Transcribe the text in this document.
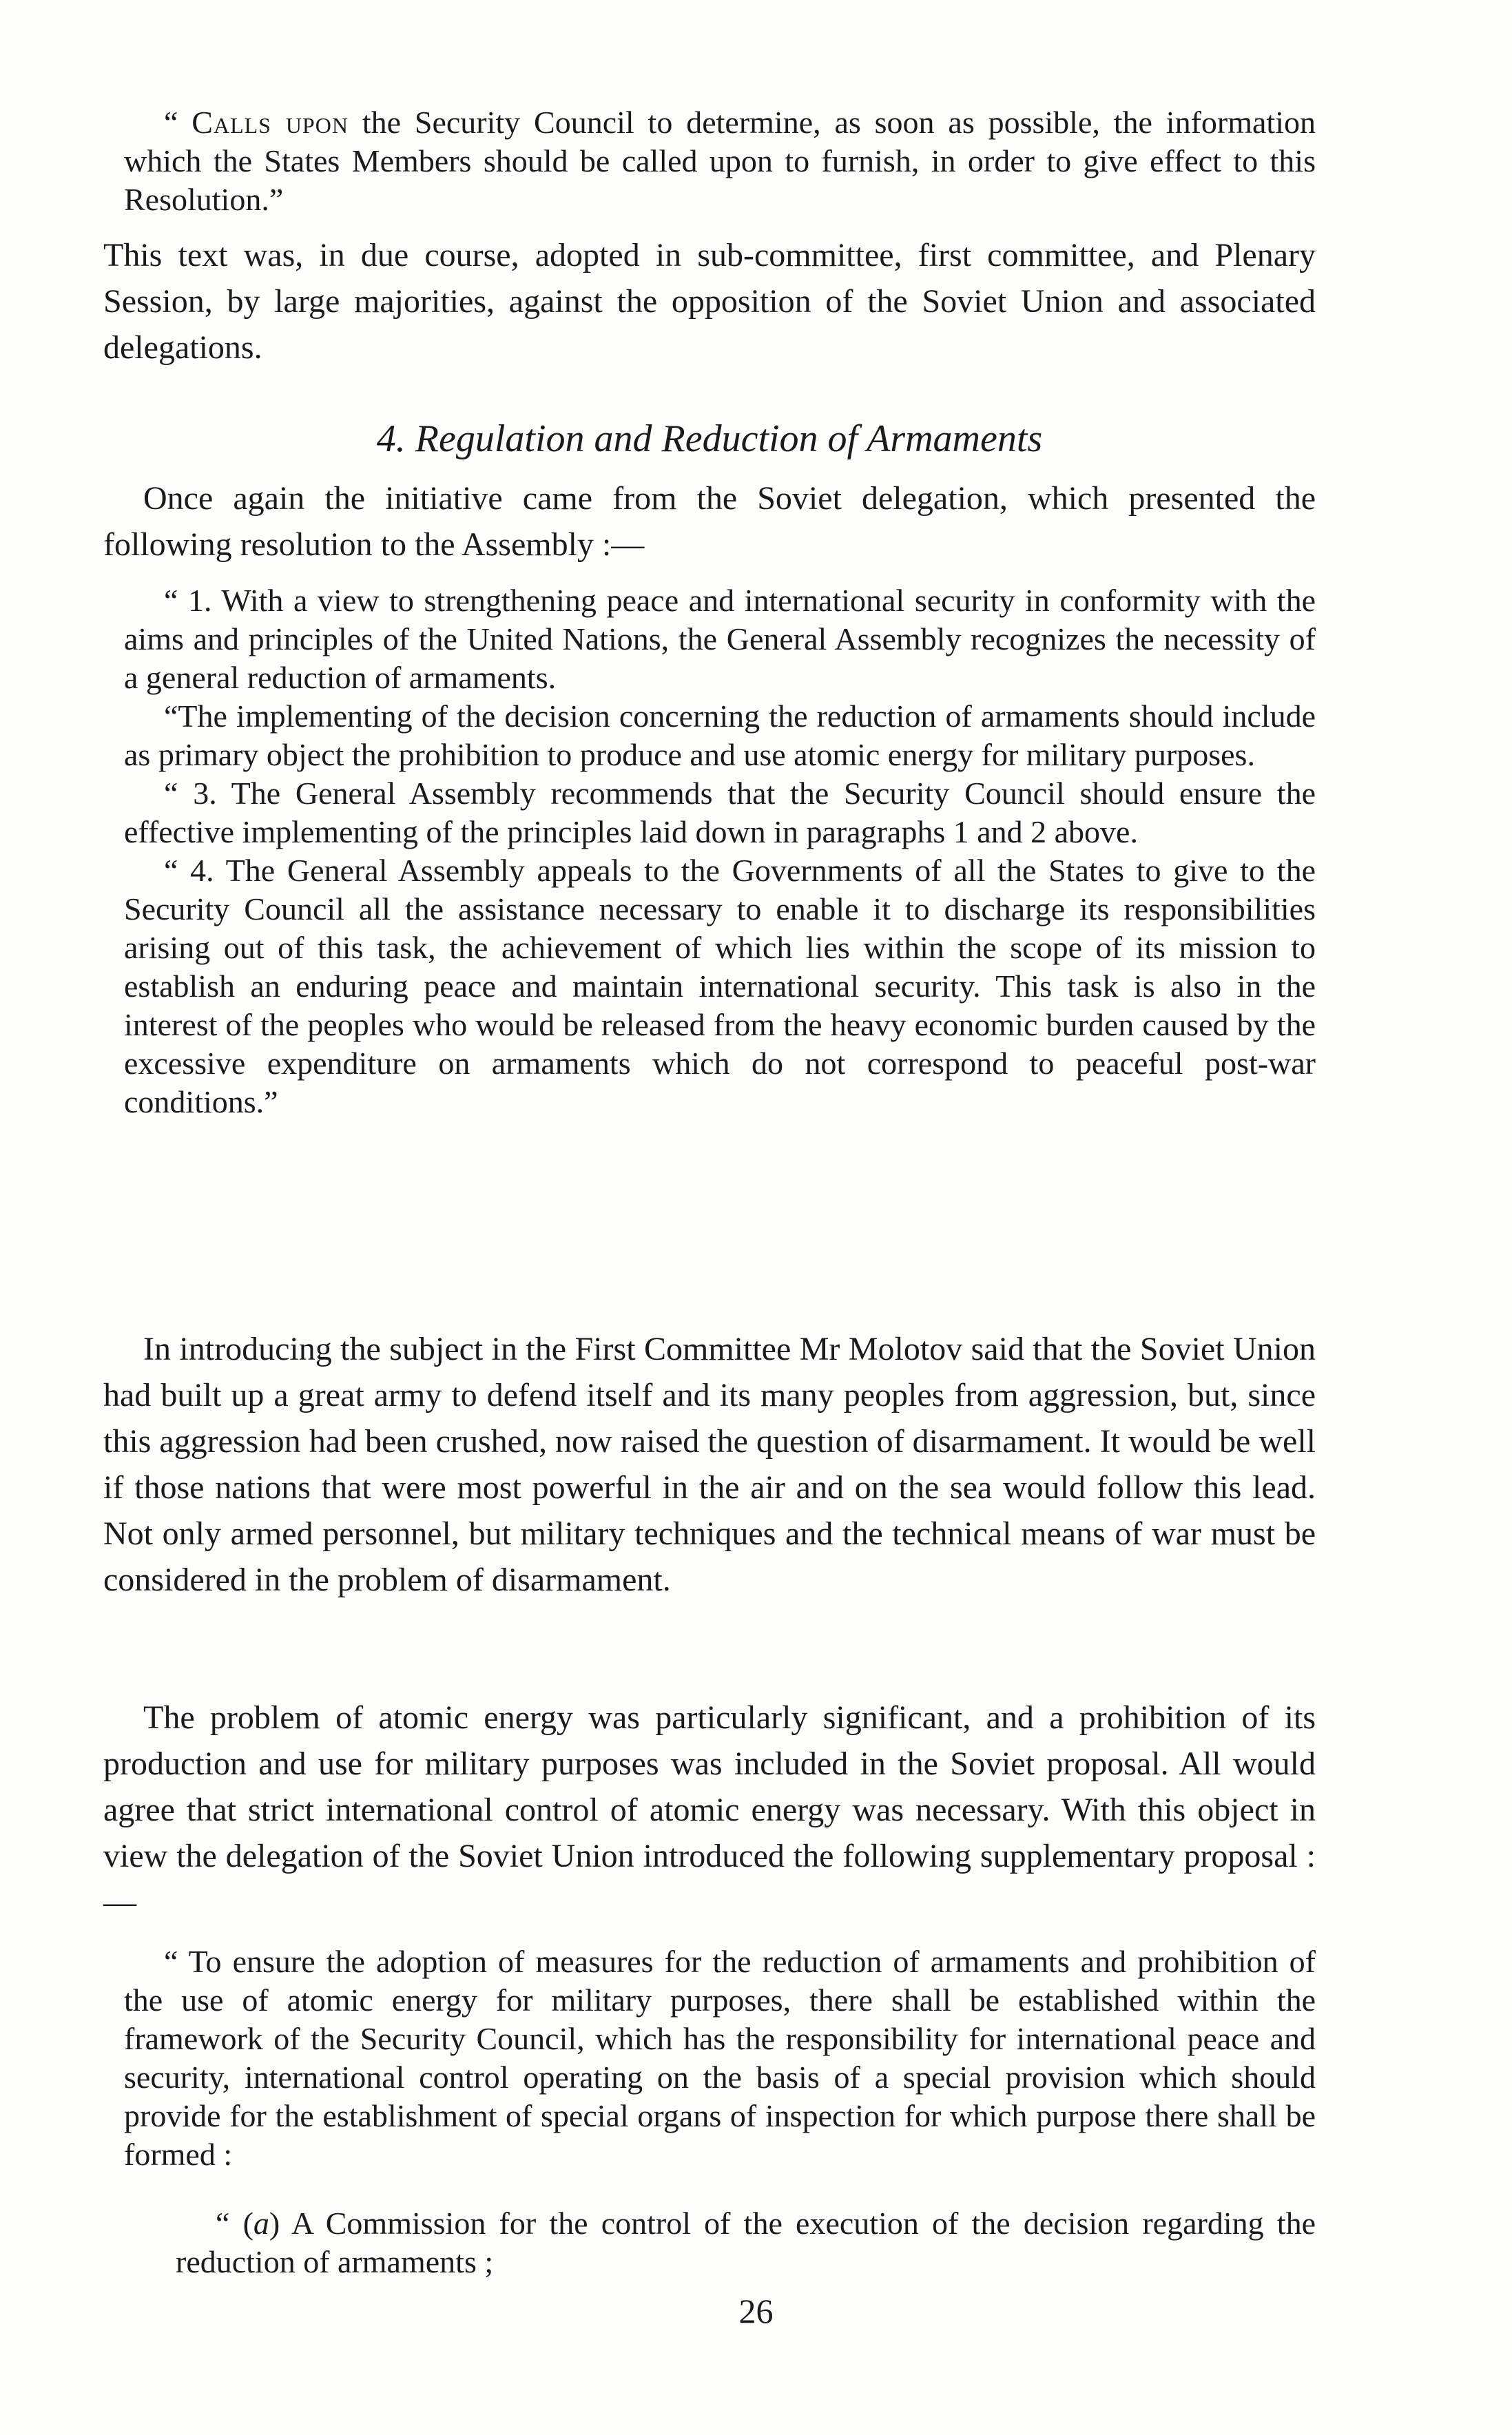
“ Calls upon the Security Council to determine, as soon as possible, the information which the States Members should be called upon to furnish, in order to give effect to this Resolution.”

This text was, in due course, adopted in sub-committee, first committee, and Plenary Session, by large majorities, against the opposition of the Soviet Union and associated delegations.

4. Regulation and Reduction of Armaments

Once again the initiative came from the Soviet delegation, which presented the following resolution to the Assembly :—

“ 1. With a view to strengthening peace and international security in conformity with the aims and principles of the United Nations, the General Assembly recognizes the necessity of a general reduction of armaments.

“The implementing of the decision concerning the reduction of armaments should include as primary object the prohibition to produce and use atomic energy for military purposes.

“ 3. The General Assembly recommends that the Security Council should ensure the effective implementing of the principles laid down in paragraphs 1 and 2 above.

“ 4. The General Assembly appeals to the Governments of all the States to give to the Security Council all the assistance necessary to enable it to discharge its responsibilities arising out of this task, the achievement of which lies within the scope of its mission to establish an enduring peace and maintain international security. This task is also in the interest of the peoples who would be released from the heavy economic burden caused by the excessive expenditure on armaments which do not correspond to peaceful post-war conditions.”

In introducing the subject in the First Committee Mr Molotov said that the Soviet Union had built up a great army to defend itself and its many peoples from aggression, but, since this aggression had been crushed, now raised the question of disarmament. It would be well if those nations that were most powerful in the air and on the sea would follow this lead. Not only armed personnel, but military techniques and the technical means of war must be considered in the problem of disarmament.

The problem of atomic energy was particularly significant, and a prohibition of its production and use for military purposes was included in the Soviet proposal. All would agree that strict international control of atomic energy was necessary. With this object in view the delegation of the Soviet Union introduced the following supplementary proposal :—

“ To ensure the adoption of measures for the reduction of armaments and prohibition of the use of atomic energy for military purposes, there shall be established within the framework of the Security Council, which has the responsibility for international peace and security, international control operating on the basis of a special provision which should provide for the establishment of special organs of inspection for which purpose there shall be formed :

“ (a) A Commission for the control of the execution of the decision regarding the reduction of armaments ;

26
